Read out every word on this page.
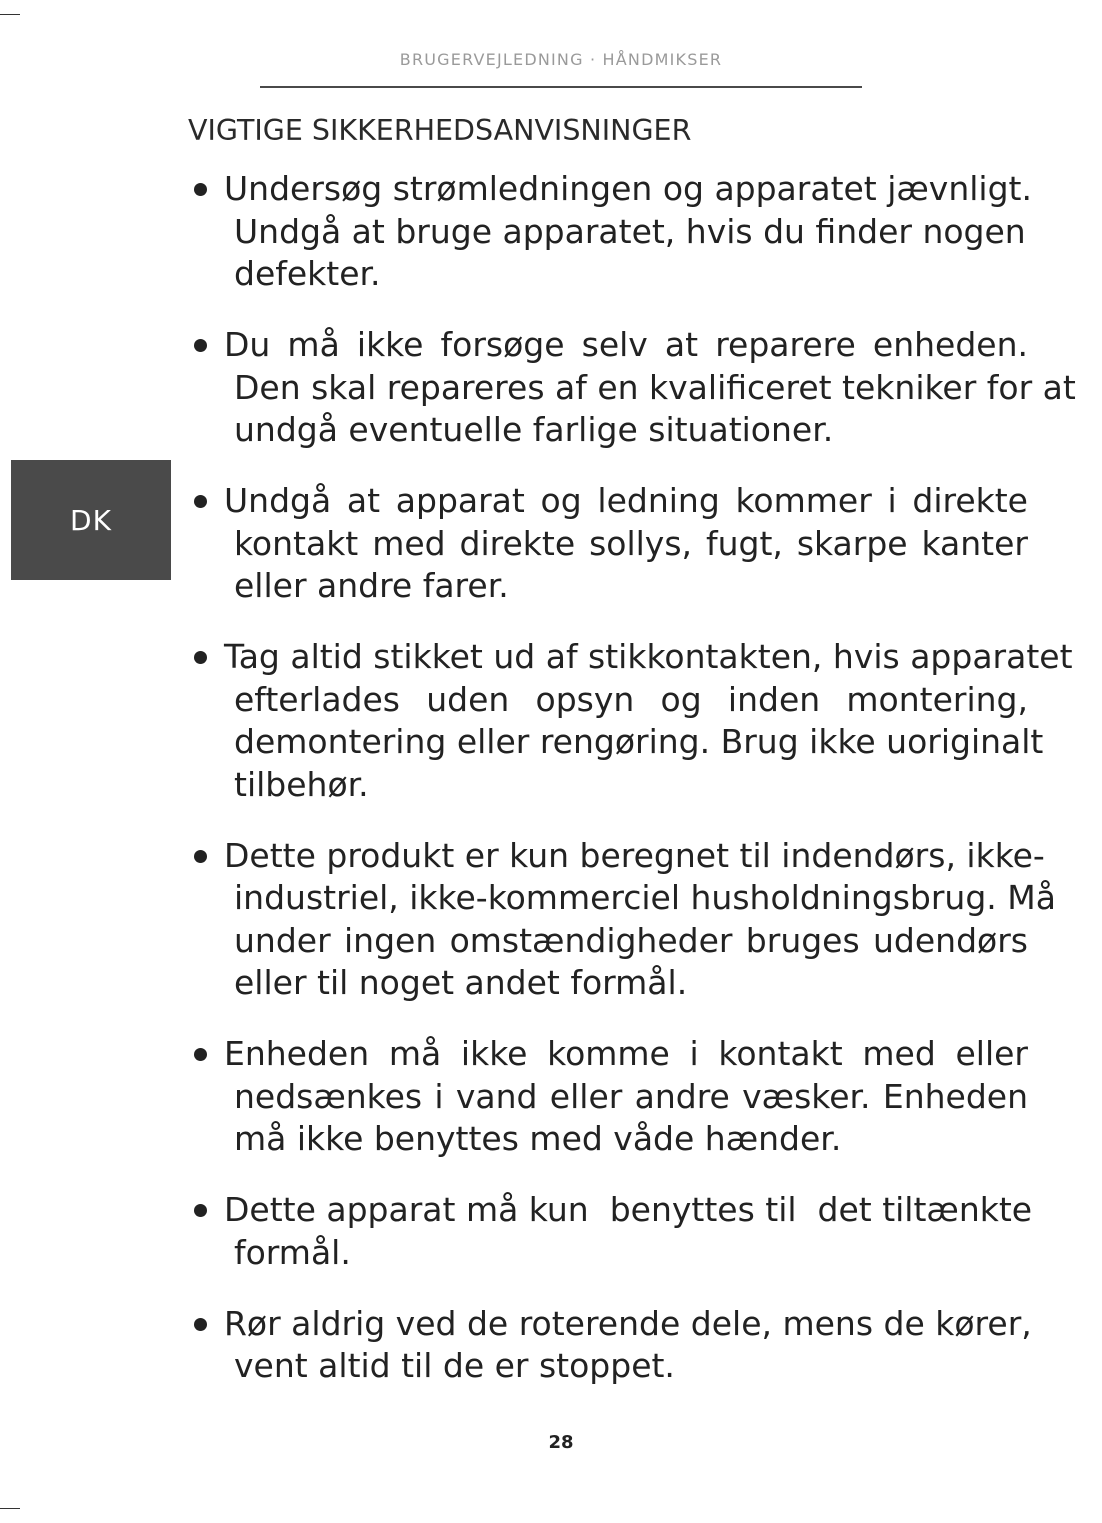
BRUGERVEJLEDNING · HÅNDMIKSER
DK
VIGTIGE SIKKERHEDSANVISNINGER
Undersøg strømledningen og apparatet jævnligt.
Undgå at bruge apparatet, hvis du finder nogen
defekter.
Du må ikke forsøge selv at reparere enheden.
Den skal repareres af en kvalificeret tekniker for at
undgå eventuelle farlige situationer.
Undgå at apparat og ledning kommer i direkte
kontakt med direkte sollys, fugt, skarpe kanter
eller andre farer.
Tag altid stikket ud af stikkontakten, hvis apparatet
efterlades uden opsyn og inden montering,
demontering eller rengøring. Brug ikke uoriginalt
tilbehør.
Dette produkt er kun beregnet til indendørs, ikke-
industriel, ikke-kommerciel husholdningsbrug. Må
under ingen omstændigheder bruges udendørs
eller til noget andet formål.
Enheden må ikke komme i kontakt med eller
nedsænkes i vand eller andre væsker. Enheden
må ikke benyttes med våde hænder.
Dette apparat må kun  benyttes til  det tiltænkte
formål.
Rør aldrig ved de roterende dele, mens de kører,
vent altid til de er stoppet.
28
